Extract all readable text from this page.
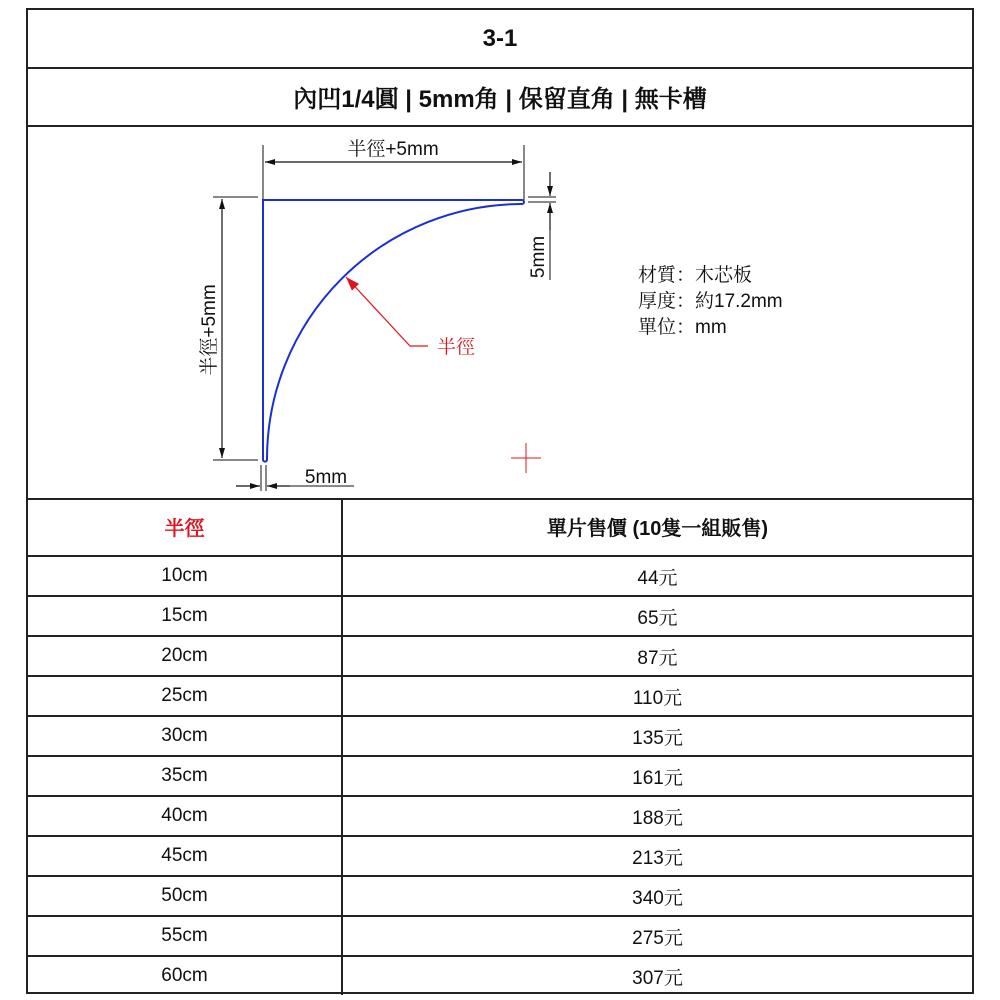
3-1
內凹1/4圓 | 5mm角 | 保留直角 | 無卡槽
半徑+5mm
半徑+5mm
5mm
5mm
半徑
材質：木芯板
厚度：約17.2mm
單位：mm
半徑	單片售價 (10隻一組販售)
10cm	44元
15cm	65元
20cm	87元
25cm	110元
30cm	135元
35cm	161元
40cm	188元
45cm	213元
50cm	340元
55cm	275元
60cm	307元
